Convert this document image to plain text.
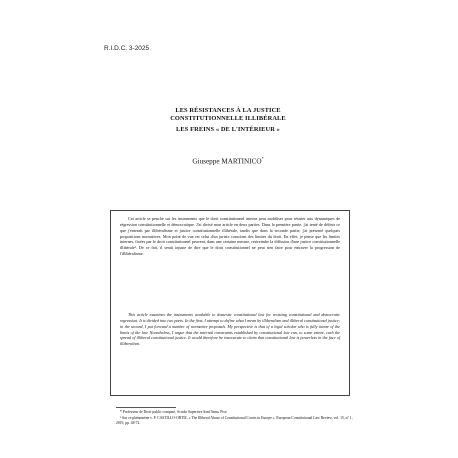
R.I.D.C. 3-2025
LES RÉSISTANCES À LA JUSTICE
CONSTITUTIONNELLE ILLIBÉRALE
LES FREINS « DE L'INTÉRIEUR »
Giuseppe MARTINICO*
Cet article se penche sur les instruments que le droit constitutionnel interne peut mobiliser pour résister aux dynamiques de régression constitutionnelle et démocratique. J'ai divisé mon article en deux parties. Dans la première partie, j'ai tenté de définir ce que j'entends par illibéralisme et justice constitutionnelle illibérale, tandis que dans la seconde partie, j'ai présenté quelques propositions normatives. Mon point de vue est celui d'un juriste conscient des limites du droit. En effet, je pense que les limites internes, fixées par le droit constitutionnel peuvent, dans une certaine mesure, restreindre la diffusion d'une justice constitutionnelle illibérale¹. De ce fait, il serait injuste de dire que le droit constitutionnel ne peut rien faire pour entraver la progression de l'illibéralisme.
This article examines the instruments available to domestic constitutional law for resisting constitutional and democratic regression. It is divided into two parts. In the first, I attempt to define what I mean by illiberalism and illiberal constitutional justice; in the second, I put forward a number of normative proposals. My perspective is that of a legal scholar who is fully aware of the limits of the law. Nonetheless, I argue that the internal constraints established by constitutional law can, to some extent, curb the spread of illiberal constitutional justice. It would therefore be inaccurate to claim that constitutional law is powerless in the face of illiberalism.
* Professeur de Droit public comparé, Scuola Superiore Sant'Anna, Pise.
¹ Sur ce phénomène v. P. CASTILLO-ORTIZ, « The Illiberal Abuse of Constitutional Courts in Europe », European Constitutional Law Review, vol. 15, n° 1, 2019, pp. 48-72.
